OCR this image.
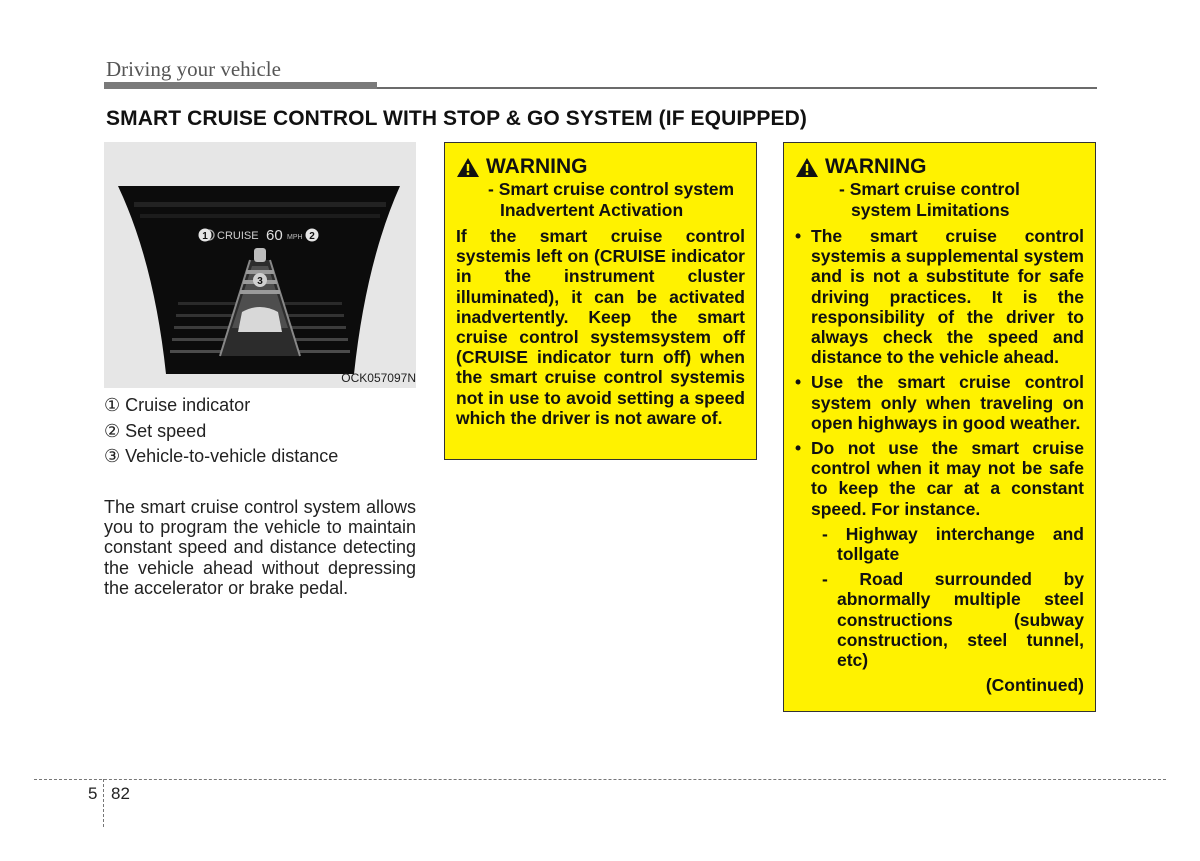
Driving your vehicle
SMART CRUISE CONTROL WITH STOP & GO SYSTEM (IF EQUIPPED)
CRUISE 60 MPH
1	2
3
OCK057097N
① Cruise indicator
② Set speed
③ Vehicle-to-vehicle distance
The smart cruise control system allows you to program the vehicle to maintain constant speed and distance detecting the vehicle ahead without depressing the accelerator or brake pedal.
WARNING
- Smart cruise control system Inadvertent Activation
If the smart cruise control systemis left on (CRUISE indicator in the instrument cluster illuminated), it can be activated inadvertently. Keep the smart cruise control systemsystem off (CRUISE indicator turn off) when the smart cruise control systemis not in use to avoid setting a speed which the driver is not aware of.
WARNING
- Smart cruise control system Limitations
• The smart cruise control systemis a supplemental system and is not a substitute for safe driving practices. It is the responsibility of the driver to always check the speed and distance to the vehicle ahead.
• Use the smart cruise control system only when traveling on open highways in good weather.
• Do not use the smart cruise control when it may not be safe to keep the car at a constant speed. For instance.
- Highway interchange and tollgate
- Road surrounded by abnormally multiple steel constructions (subway construction, steel tunnel, etc)
(Continued)
5 82
